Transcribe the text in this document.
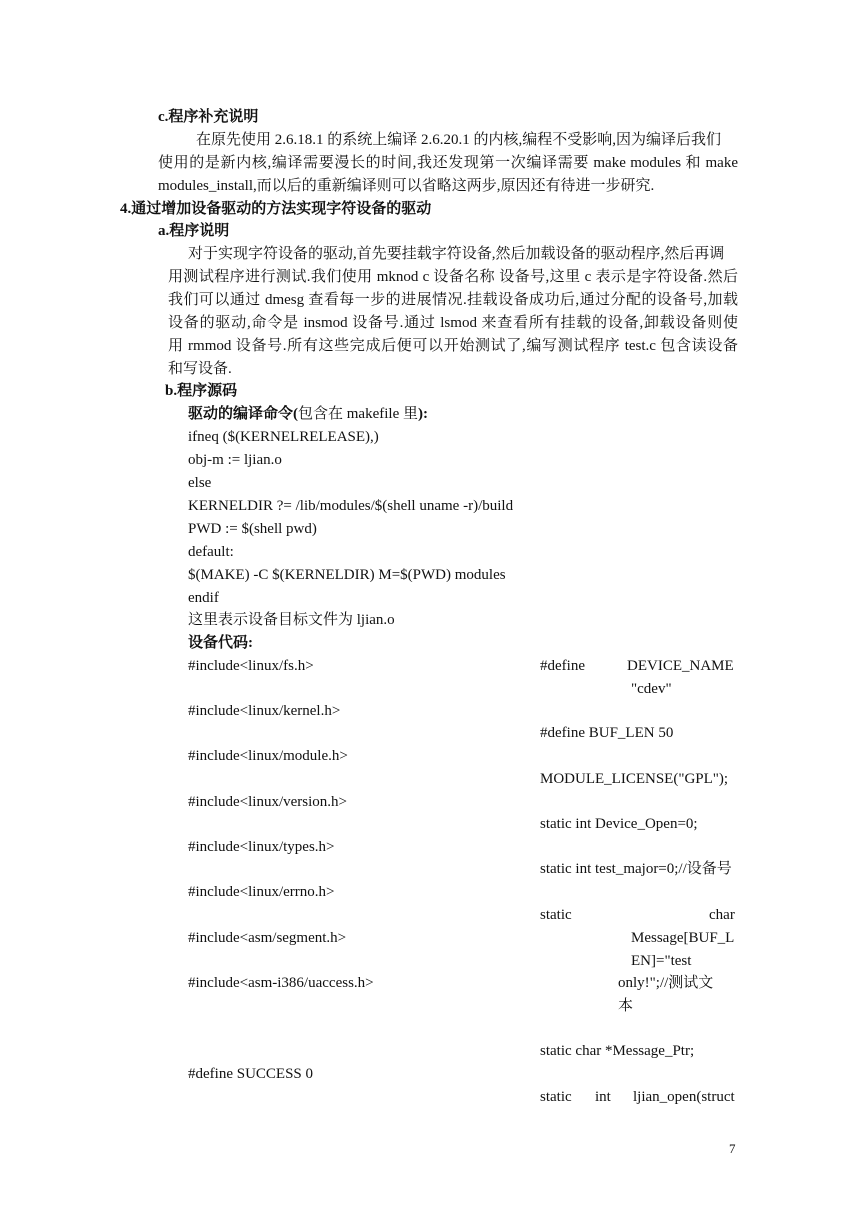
c.程序补充说明
在原先使用 2.6.18.1 的系统上编译 2.6.20.1 的内核,编程不受影响,因为编译后我们
使用的是新内核,编译需要漫长的时间,我还发现第一次编译需要 make modules 和 make
modules_install,而以后的重新编译则可以省略这两步,原因还有待进一步研究.
4.通过增加设备驱动的方法实现字符设备的驱动
a.程序说明
对于实现字符设备的驱动,首先要挂载字符设备,然后加载设备的驱动程序,然后再调
用测试程序进行测试.我们使用 mknod c 设备名称 设备号,这里 c 表示是字符设备.然后
我们可以通过 dmesg 查看每一步的进展情况.挂载设备成功后,通过分配的设备号,加载
设备的驱动,命令是 insmod 设备号.通过 lsmod 来查看所有挂载的设备,卸载设备则使
用 rmmod 设备号.所有这些完成后便可以开始测试了,编写测试程序 test.c 包含读设备
和写设备.
b.程序源码
驱动的编译命令(包含在 makefile 里):
ifneq ($(KERNELRELEASE),)
obj-m := ljian.o
else
KERNELDIR ?= /lib/modules/$(shell uname -r)/build
PWD := $(shell pwd)
default:
$(MAKE) -C $(KERNELDIR) M=$(PWD) modules
endif
这里表示设备目标文件为 ljian.o
设备代码:
#include<linux/fs.h>
#include<linux/kernel.h>
#include<linux/module.h>
#include<linux/version.h>
#include<linux/types.h>
#include<linux/errno.h>
#include<asm/segment.h>
#include<asm-i386/uaccess.h>
#define SUCCESS 0
#define	DEVICE_NAME
"cdev"
#define BUF_LEN 50
MODULE_LICENSE("GPL");
static int Device_Open=0;
static int test_major=0;//设备号
static	char
Message[BUF_L
EN]="test
only!";//测试文
本
static char *Message_Ptr;
static int ljian_open(struct
7
